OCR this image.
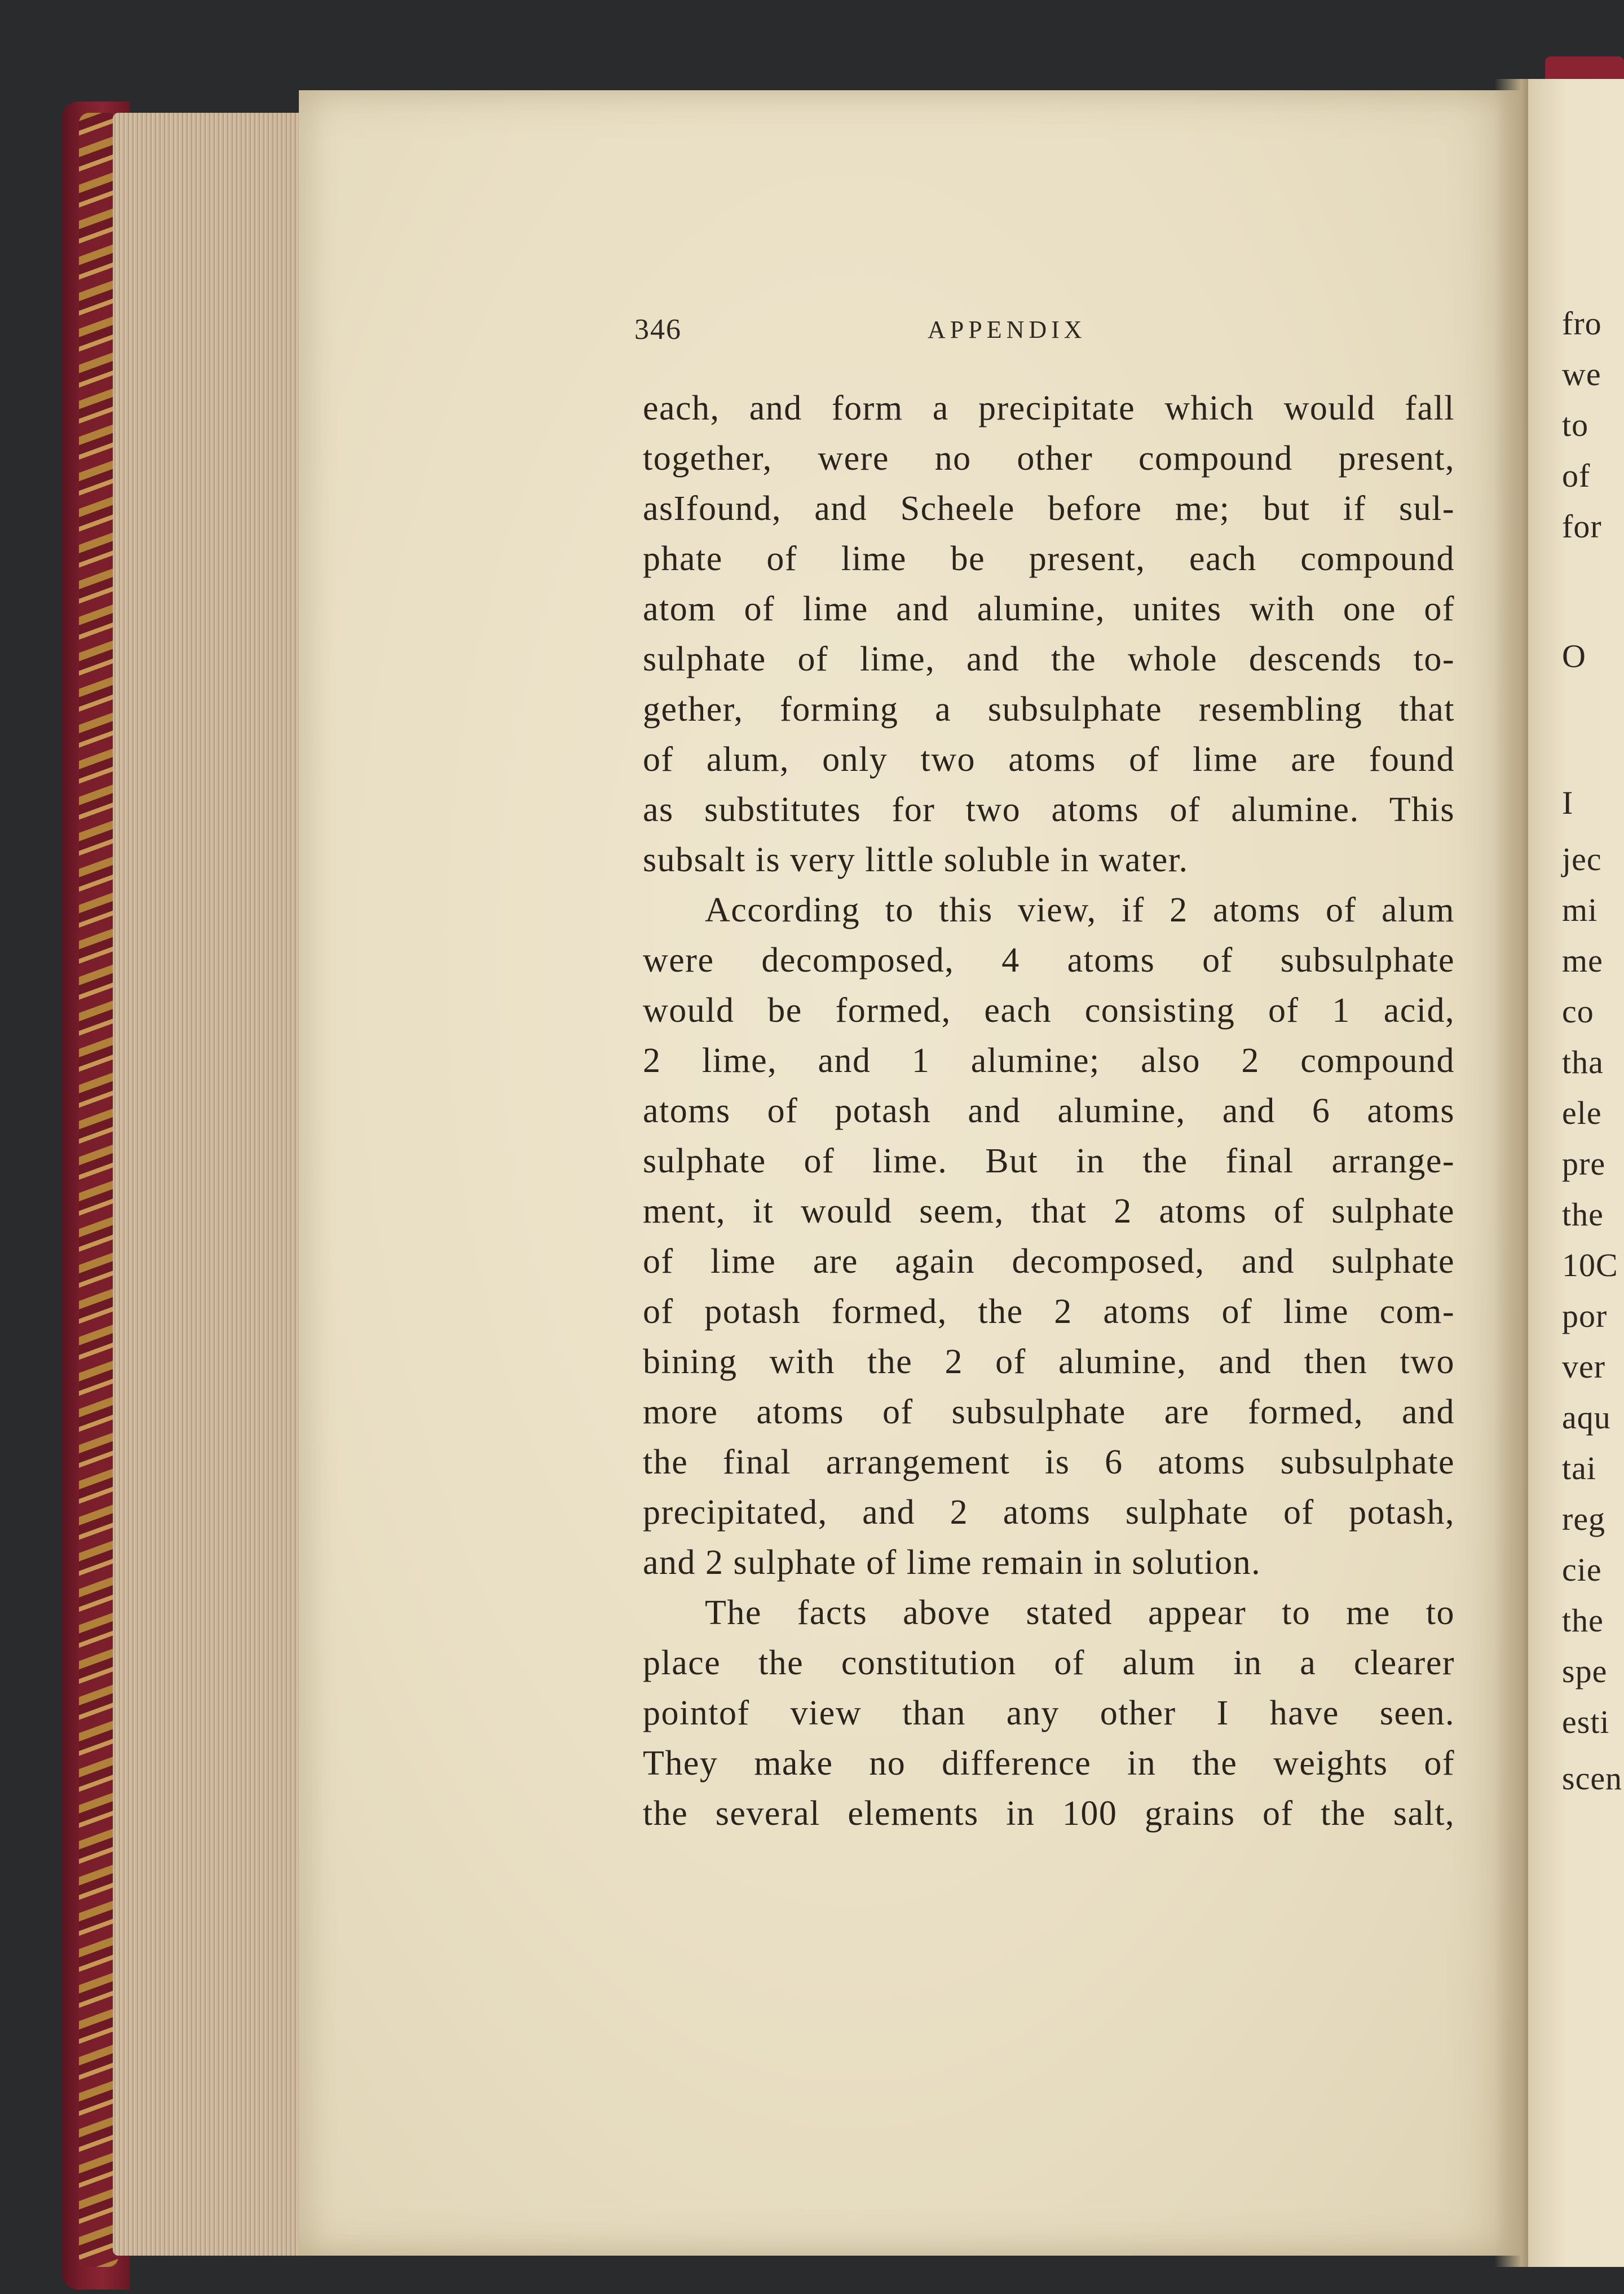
346	APPENDIX
each, and form a precipitate which would fall
together, were no other compound present,
asIfound, and Scheele before me; but if sul-
phate of lime be present, each compound
atom of lime and alumine, unites with one of
sulphate of lime, and the whole descends to-
gether, forming a subsulphate resembling that
of alum, only two atoms of lime are found
as substitutes for two atoms of alumine. This
subsalt is very little soluble in water.
According to this view, if 2 atoms of alum
were decomposed, 4 atoms of subsulphate
would be formed, each consisting of 1 acid,
2 lime, and 1 alumine; also 2 compound
atoms of potash and alumine, and 6 atoms
sulphate of lime. But in the final arrange-
ment, it would seem, that 2 atoms of sulphate
of lime are again decomposed, and sulphate
of potash formed, the 2 atoms of lime com-
bining with the 2 of alumine, and then two
more atoms of subsulphate are formed, and
the final arrangement is 6 atoms subsulphate
precipitated, and 2 atoms sulphate of potash,
and 2 sulphate of lime remain in solution.
The facts above stated appear to me to
place the constitution of alum in a clearer
pointof view than any other I have seen.
They make no difference in the weights of
the several elements in 100 grains of the salt,
fro
we
to
of
for
O
I
jec
mi
me
co
tha
ele
pre
the
10C
por
ver
aqu
tai
reg
cie
the
spe
esti
scen
